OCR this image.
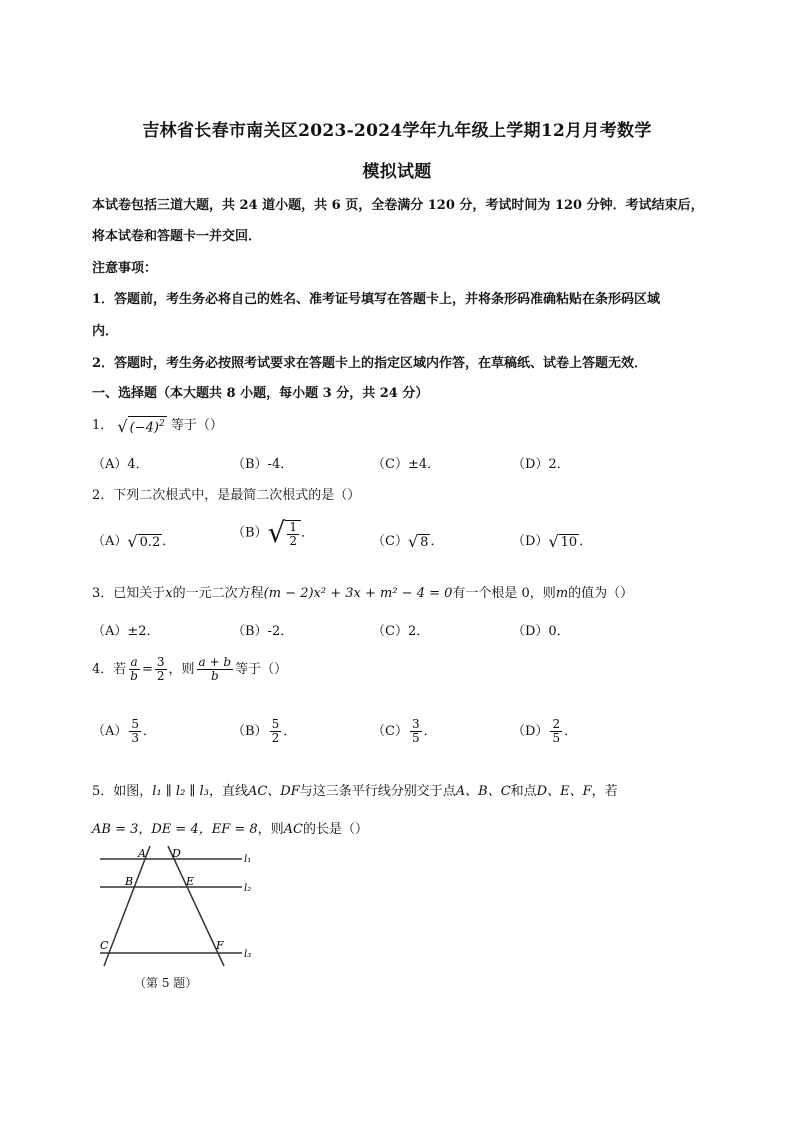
吉林省长春市南关区2023-2024学年九年级上学期12月月考数学
模拟试题
本试卷包括三道大题，共 24 道小题，共 6 页，全卷满分 120 分，考试时间为 120 分钟．考试结束后，
将本试卷和答题卡一并交回．
注意事项：
1．答题前，考生务必将自己的姓名、准考证号填写在答题卡上，并将条形码准确粘贴在条形码区域
内．
2．答题时，考生务必按照考试要求在答题卡上的指定区域内作答，在草稿纸、试卷上答题无效．
一、选择题（本大题共 8 小题，每小题 3 分，共 24 分）
1． √ $(-4)^2$ 等于（）
（A）4．	（B）-4．	（C）±4．	（D）2．
2．下列二次根式中，是最简二次根式的是（）
（A） √ 0.2 ．
（B） √ $\frac{1}{2}$ ．
（C） √ 8 ．	（D） √ 10 ．
3．已知关于x的一元二次方程(m − 2)x² + 3x + m² − 4 = 0有一个根是 0，则m的值为（）
（A）±2．	（B）-2．	（C）2．	（D）0．
4．若 $\frac{a}{b} = \frac{3}{2}$ ，则 $\frac{a + b}{b}$ 等于（）
$(A) \frac{5}{3}$ ．	$(B) \frac{5}{2}$ ．	$(C) \frac{3}{5}$ ．	$(D) \frac{2}{5}$ ．
5．如图，l₁ ∥ l₂ ∥ l₃，直线AC、DF与这三条平行线分别交于点A、B、C和点D、E、F，若
AB = 3，DE = 4，EF = 8，则AC的长是（）
A D
B	E
C	F
l₁
l₂
l₃
（第 5 题）
